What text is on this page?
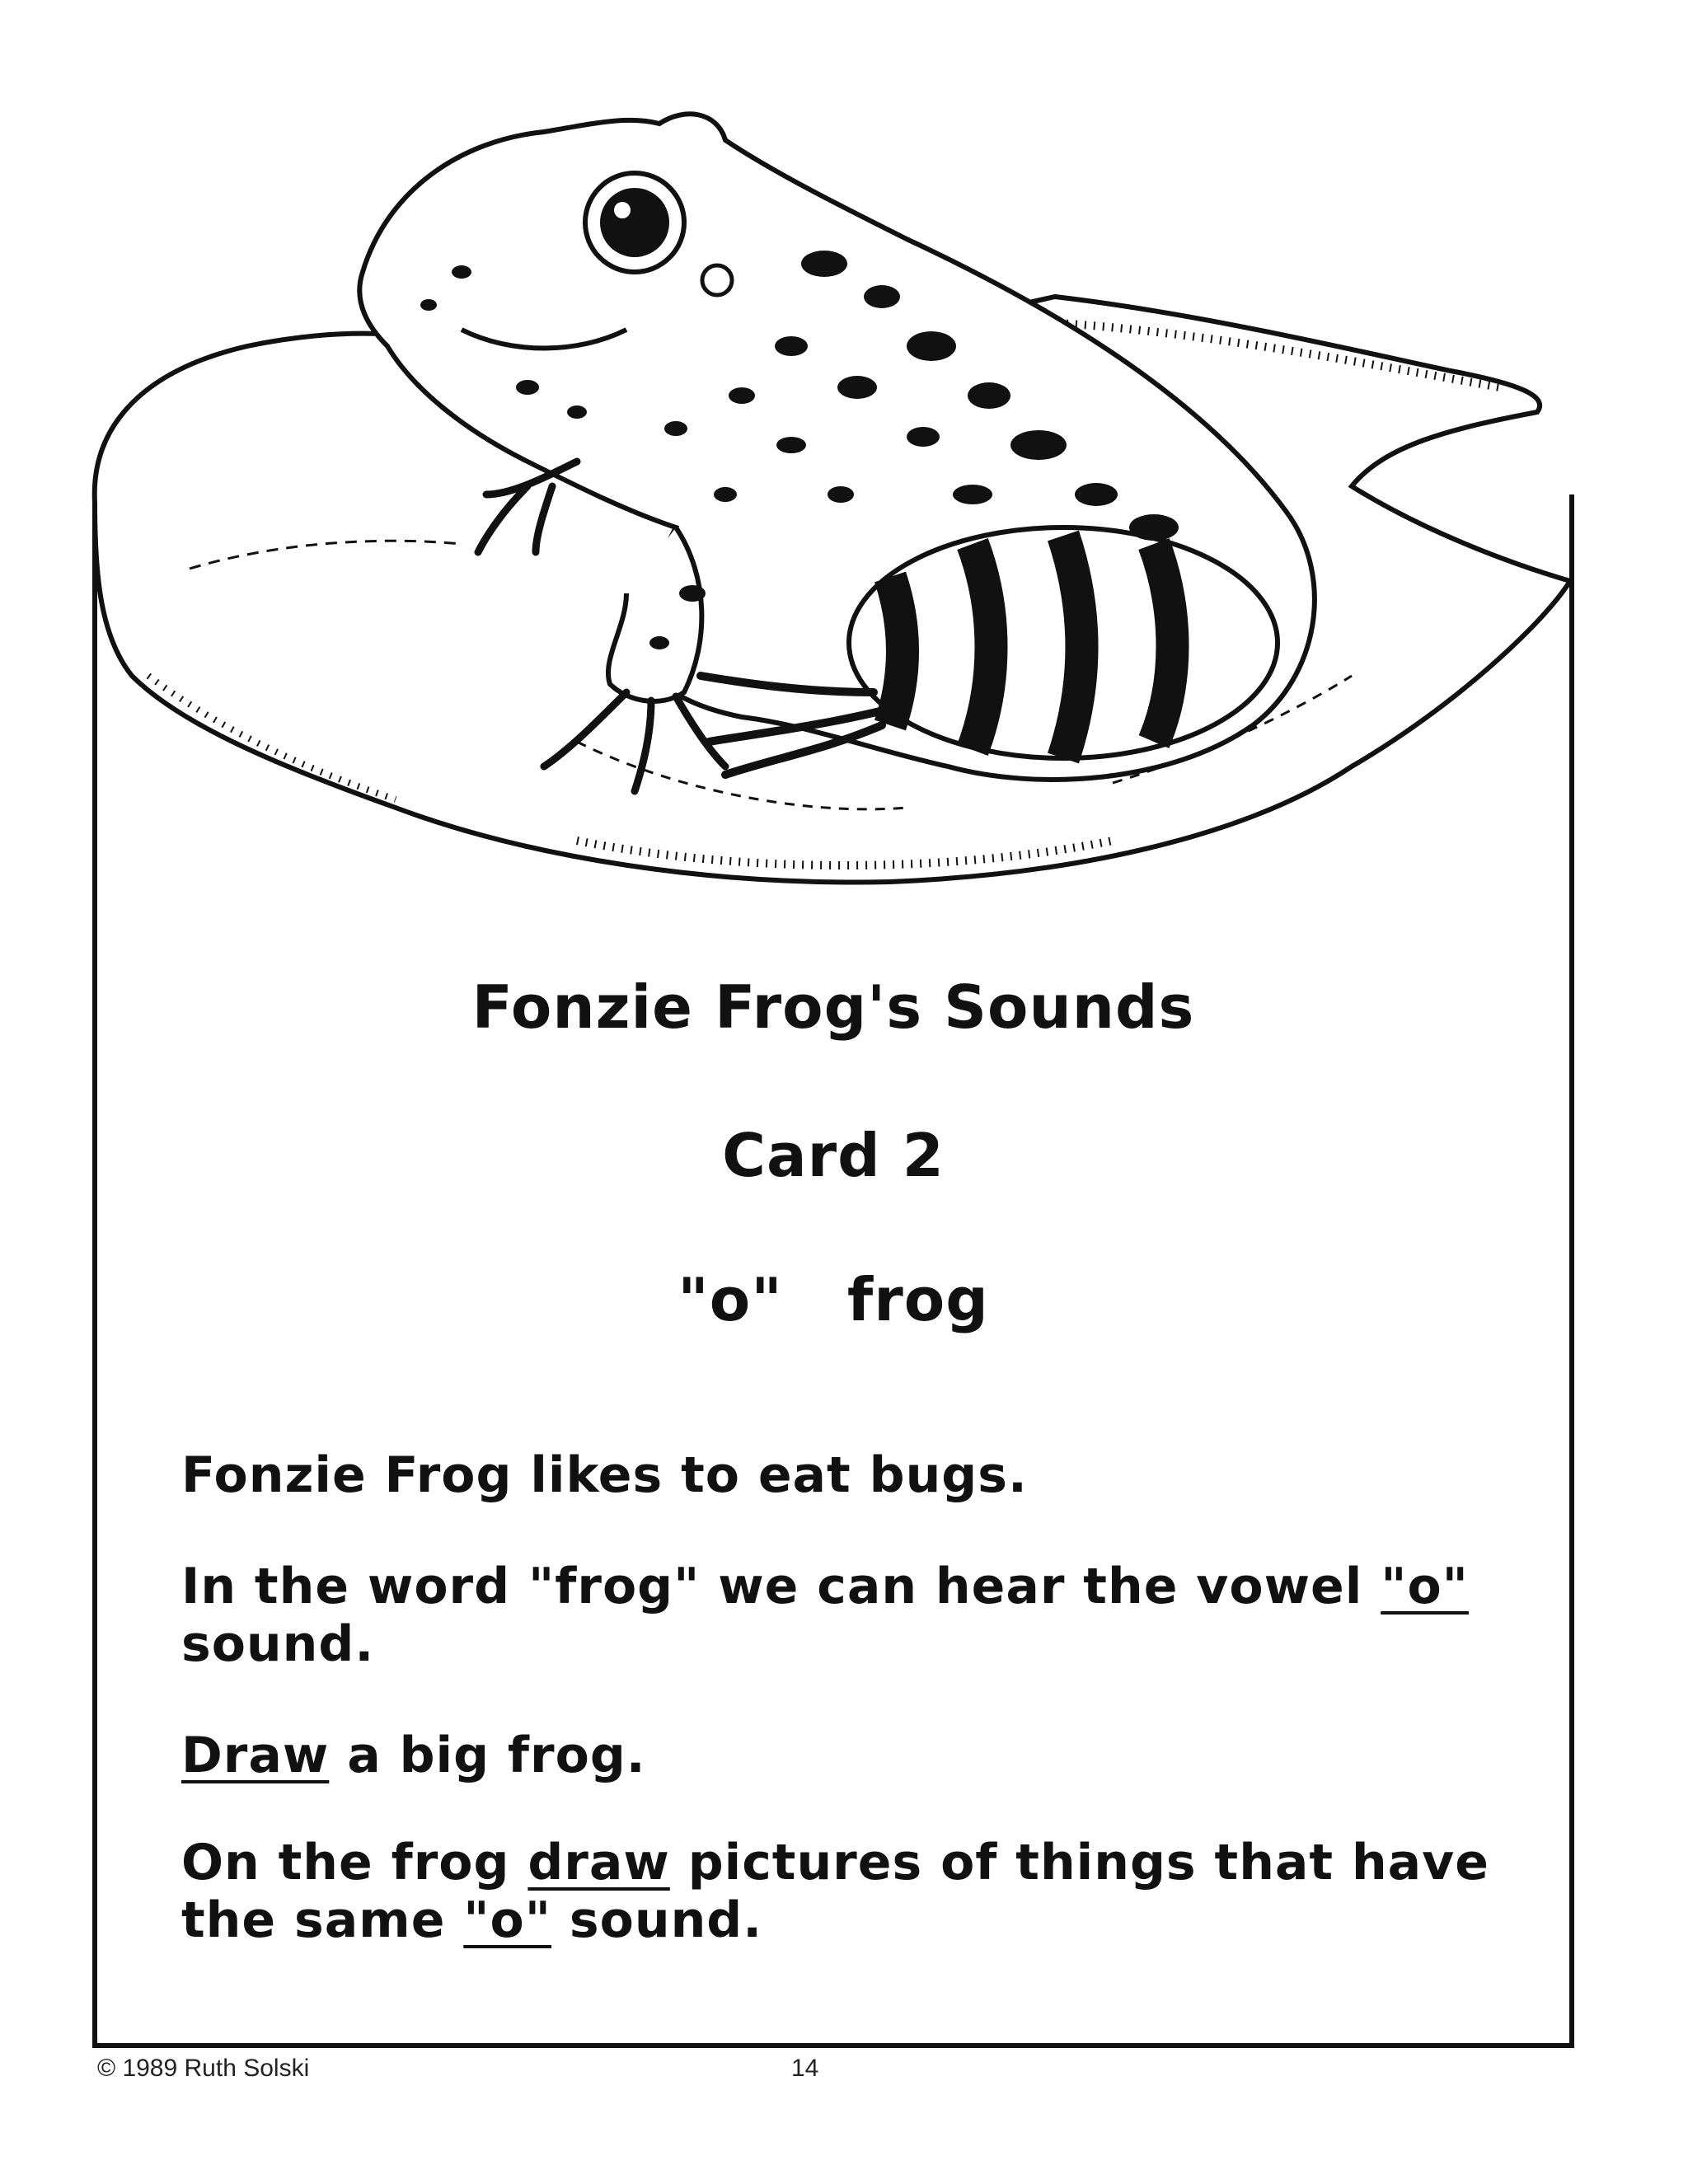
Fonzie Frog's Sounds
Card 2
"o" frog

Fonzie Frog likes to eat bugs.

In the word "frog" we can hear the vowel "o"
sound.

Draw a big frog.

On the frog draw pictures of things that have the same "o" sound.

© 1989 Ruth Solski	14
